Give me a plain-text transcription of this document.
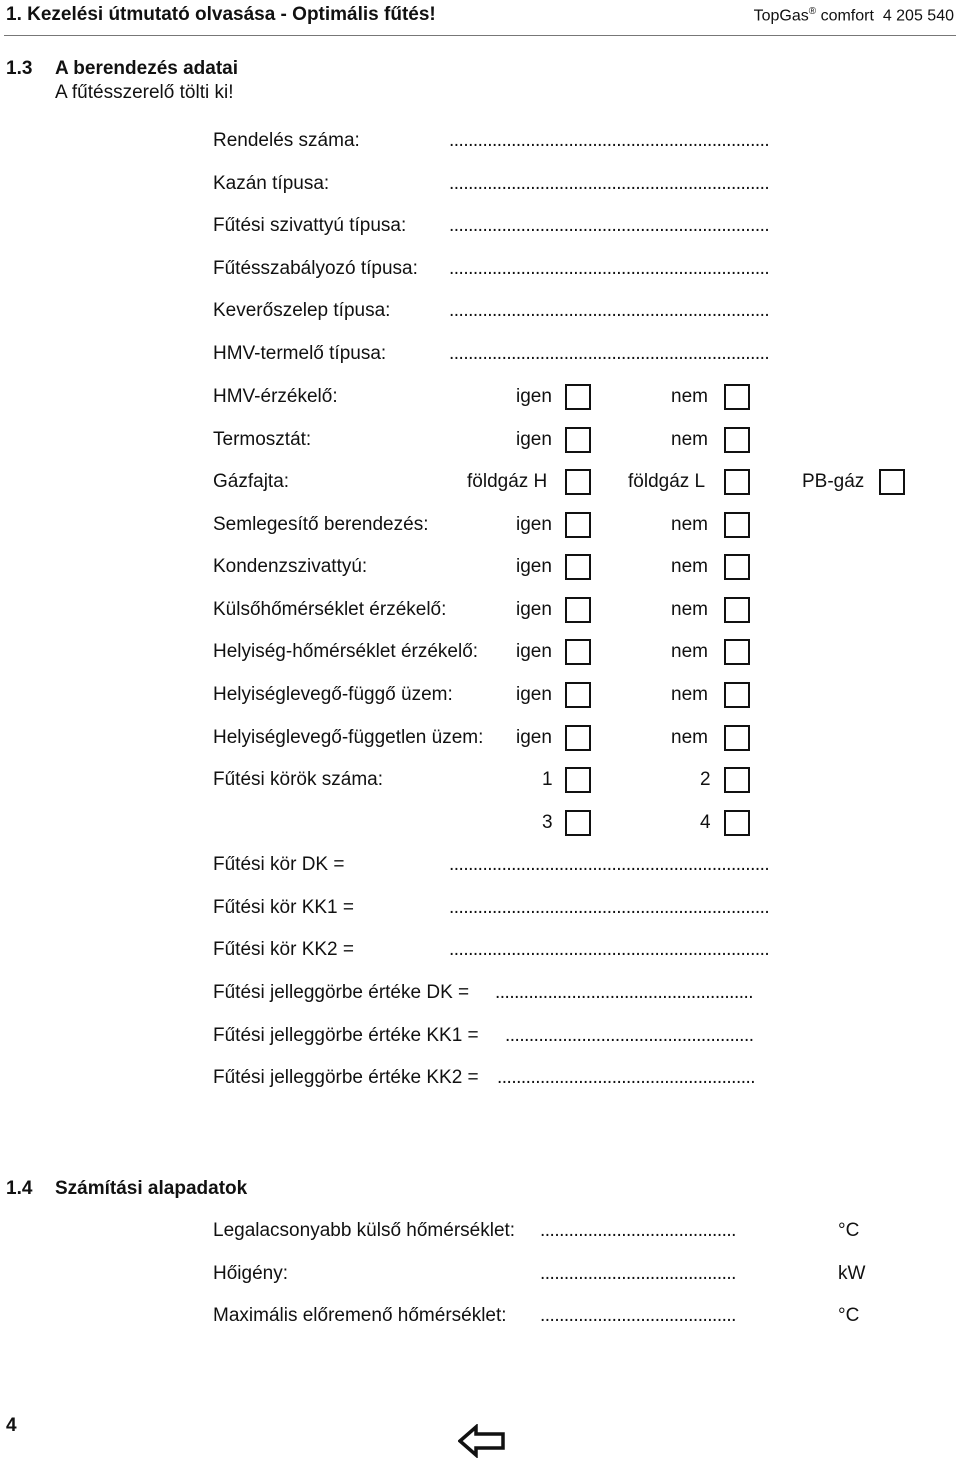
1. Kezelési útmutató olvasása - Optimális fűtés!	TopGas® comfort 4 205 540
1.3 A berendezés adatai
A fűtésszerelő tölti ki!
Rendelés száma:	...................................................................
Kazán típusa:	...................................................................
Fűtési szivattyú típusa: ...................................................................
Fűtésszabályozó típusa: ...................................................................
Keverőszelep típusa:	...................................................................
HMV-termelő típusa:	...................................................................
HMV-érzékelő:	igen	nem
Termosztát:	igen	nem
Gázfajta:	földgáz H	földgáz L	PB-gáz
Semlegesítő berendezés:	igen	nem
Kondenzszivattyú:	igen	nem
Külsőhőmérséklet érzékelő:	igen	nem
Helyiség-hőmérséklet érzékelő: igen	nem
Helyiséglevegő-függő üzem:	igen	nem
Helyiséglevegő-független üzem: igen	nem
Fűtési körök száma:	1	2
3	4
Fűtési kör DK =	...................................................................
Fűtési kör KK1 =	...................................................................
Fűtési kör KK2 =	...................................................................
Fűtési jelleggörbe értéke DK = ......................................................
Fűtési jelleggörbe értéke KK1 = ....................................................
Fűtési jelleggörbe értéke KK2 = ......................................................
1.4 Számítási alapadatok
Legalacsonyabb külső hőmérséklet: .........................................	°C
Hőigény:	.........................................	kW
Maximális előremenő hőmérséklet: .........................................	°C
4
